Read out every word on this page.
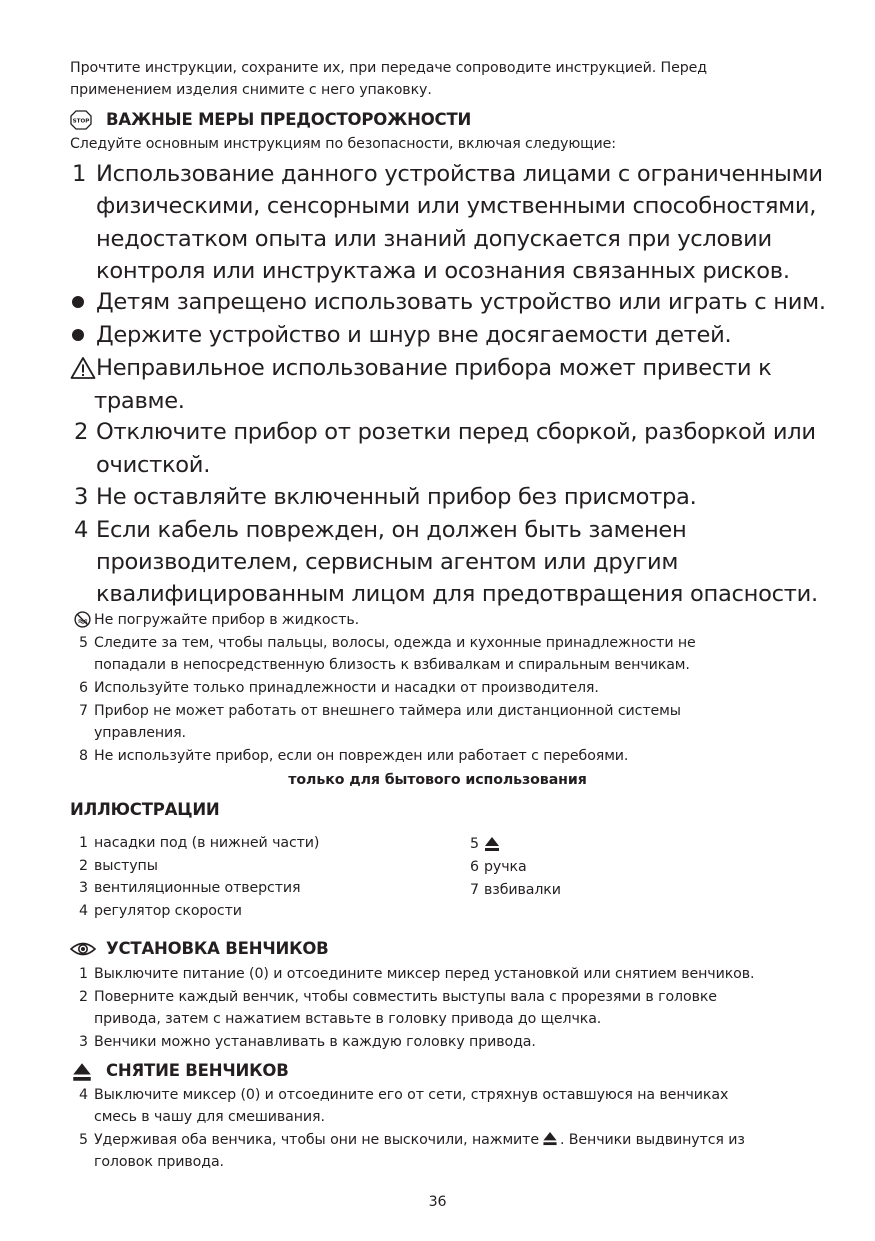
Прочтите инструкции, сохраните их, при передаче сопроводите инструкцией. Перед
применением изделия снимите с него упаковку.
STOP ВАЖНЫЕ МЕРЫ ПРЕДОСТОРОЖНОСТИ
Следуйте основным инструкциям по безопасности, включая следующие:
1 Использование данного устройства лицами с ограниченными
физическими, сенсорными или умственными способностями,
недостатком опыта или знаний допускается при условии
контроля или инструктажа и осознания связанных рисков.
Детям запрещено использовать устройство или играть с ним.
Держите устройство и шнур вне досягаемости детей.
Неправильное использование прибора может привести к
травме.
2 Отключите прибор от розетки перед сборкой, разборкой или
очисткой.
3 Не оставляйте включенный прибор без присмотра.
4 Если кабель поврежден, он должен быть заменен
производителем, сервисным агентом или другим
квалифицированным лицом для предотвращения опасности.
Не погружайте прибор в жидкость.
5 Следите за тем, чтобы пальцы, волосы, одежда и кухонные принадлежности не
попадали в непосредственную близость к взбивалкам и спиральным венчикам.
6 Используйте только принадлежности и насадки от производителя.
7 Прибор не может работать от внешнего таймера или дистанционной системы
управления.
8 Не используйте прибор, если он поврежден или работает с перебоями.
только для бытового использования
ИЛЛЮСТРАЦИИ
1 насадки под (в нижней части)
2 выступы
3 вентиляционные отверстия
4 регулятор скорости
5
6 ручка
7 взбивалки
УСТАНОВКА ВЕНЧИКОВ
1 Выключите питание (0) и отсоедините миксер перед установкой или снятием венчиков.
2 Поверните каждый венчик, чтобы совместить выступы вала с прорезями в головке
привода, затем с нажатием вставьте в головку привода до щелчка.
3 Венчики можно устанавливать в каждую головку привода.
СНЯТИЕ ВЕНЧИКОВ
4 Выключите миксер (0) и отсоедините его от сети, стряхнув оставшуюся на венчиках
смесь в чашу для смешивания.
5 Удерживая оба венчика, чтобы они не выскочили, нажмите . Венчики выдвинутся из
головок привода.
36
